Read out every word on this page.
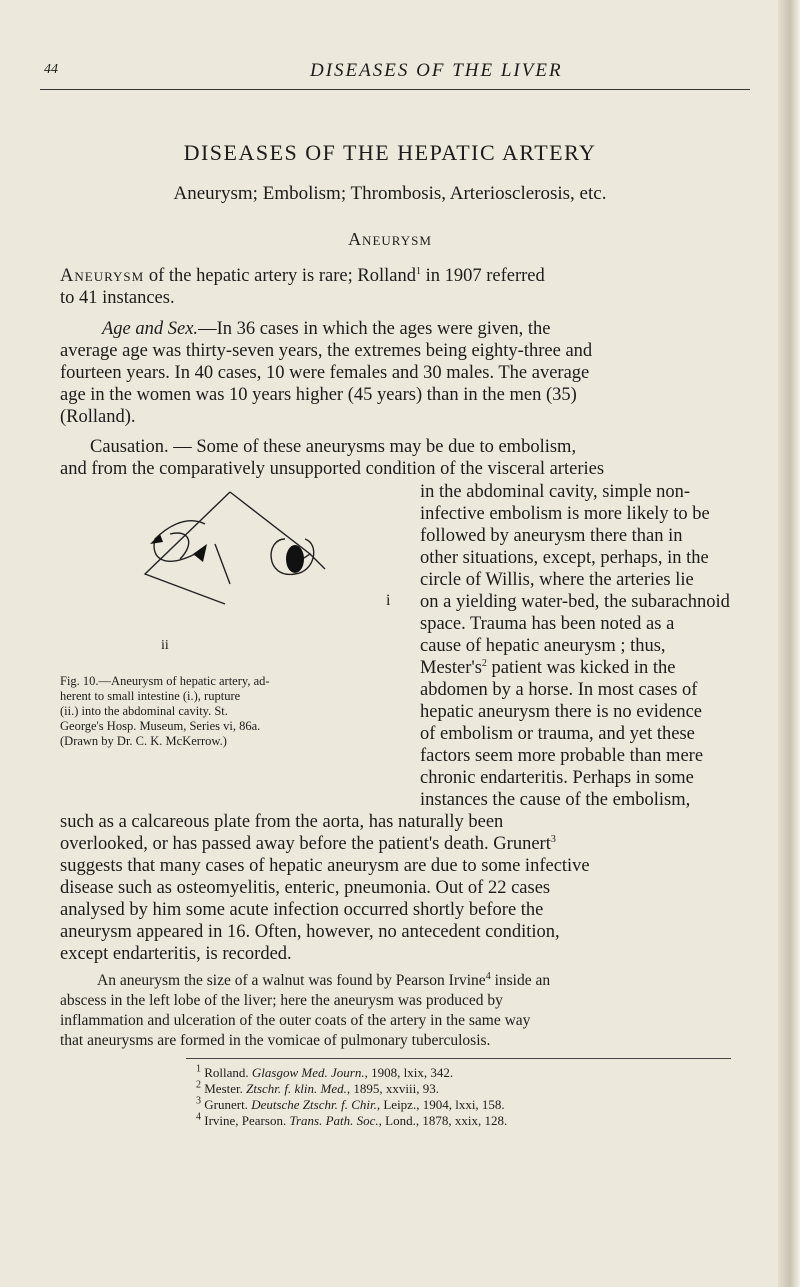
44	DISEASES OF THE LIVER
DISEASES OF THE HEPATIC ARTERY
Aneurysm; Embolism; Thrombosis, Arteriosclerosis, etc.
Aneurysm
Aneurysm of the hepatic artery is rare; Rolland$^1$ in 1907 referred
to 41 instances.
Age and Sex.—In 36 cases in which the ages were given, the
average age was thirty-seven years, the extremes being eighty-three and
fourteen years. In 40 cases, 10 were females and 30 males. The average
age in the women was 10 years higher (45 years) than in the men (35)
(Rolland).
Causation. — Some of these aneurysms may be due to embolism,
and from the comparatively unsupported condition of the visceral arteries
i
ii
Fig. 10.—Aneurysm of hepatic artery, ad-
herent to small intestine (i.), rupture
(ii.) into the abdominal cavity. St.
George's Hosp. Museum, Series vi, 86a.
(Drawn by Dr. C. K. McKerrow.)
in the abdominal cavity, simple non-
infective embolism is more likely to be
followed by aneurysm there than in
other situations, except, perhaps, in the
circle of Willis, where the arteries lie
on a yielding water-bed, the subarachnoid
space. Trauma has been noted as a
cause of hepatic aneurysm ; thus,
$Mester's^2$ patient was kicked in the
abdomen by a horse. In most cases of
hepatic aneurysm there is no evidence
of embolism or trauma, and yet these
factors seem more probable than mere
chronic endarteritis. Perhaps in some
instances the cause of the embolism,
such as a calcareous plate from the aorta, has naturally been
overlooked, or has passed away before the patient's death. Grunert$^3$
suggests that many cases of hepatic aneurysm are due to some infective
disease such as osteomyelitis, enteric, pneumonia. Out of 22 cases
analysed by him some acute infection occurred shortly before the
aneurysm appeared in 16. Often, however, no antecedent condition,
except endarteritis, is recorded.
An aneurysm the size of a walnut was found by Pearson Irvine$^4$ inside an
abscess in the left lobe of the liver; here the aneurysm was produced by
inflammation and ulceration of the outer coats of the artery in the same way
that aneurysms are formed in the vomicae of pulmonary tuberculosis.
$^1$ Rolland. Glasgow Med. Journ., 1908, lxix, 342.
$^2$ Mester. Ztschr. f. klin. Med., 1895, xxviii, 93.
$^3$ Grunert. Deutsche Ztschr. f. Chir., Leipz., 1904, lxxi, 158.
$^4$ Irvine, Pearson. Trans. Path. Soc., Lond., 1878, xxix, 128.
